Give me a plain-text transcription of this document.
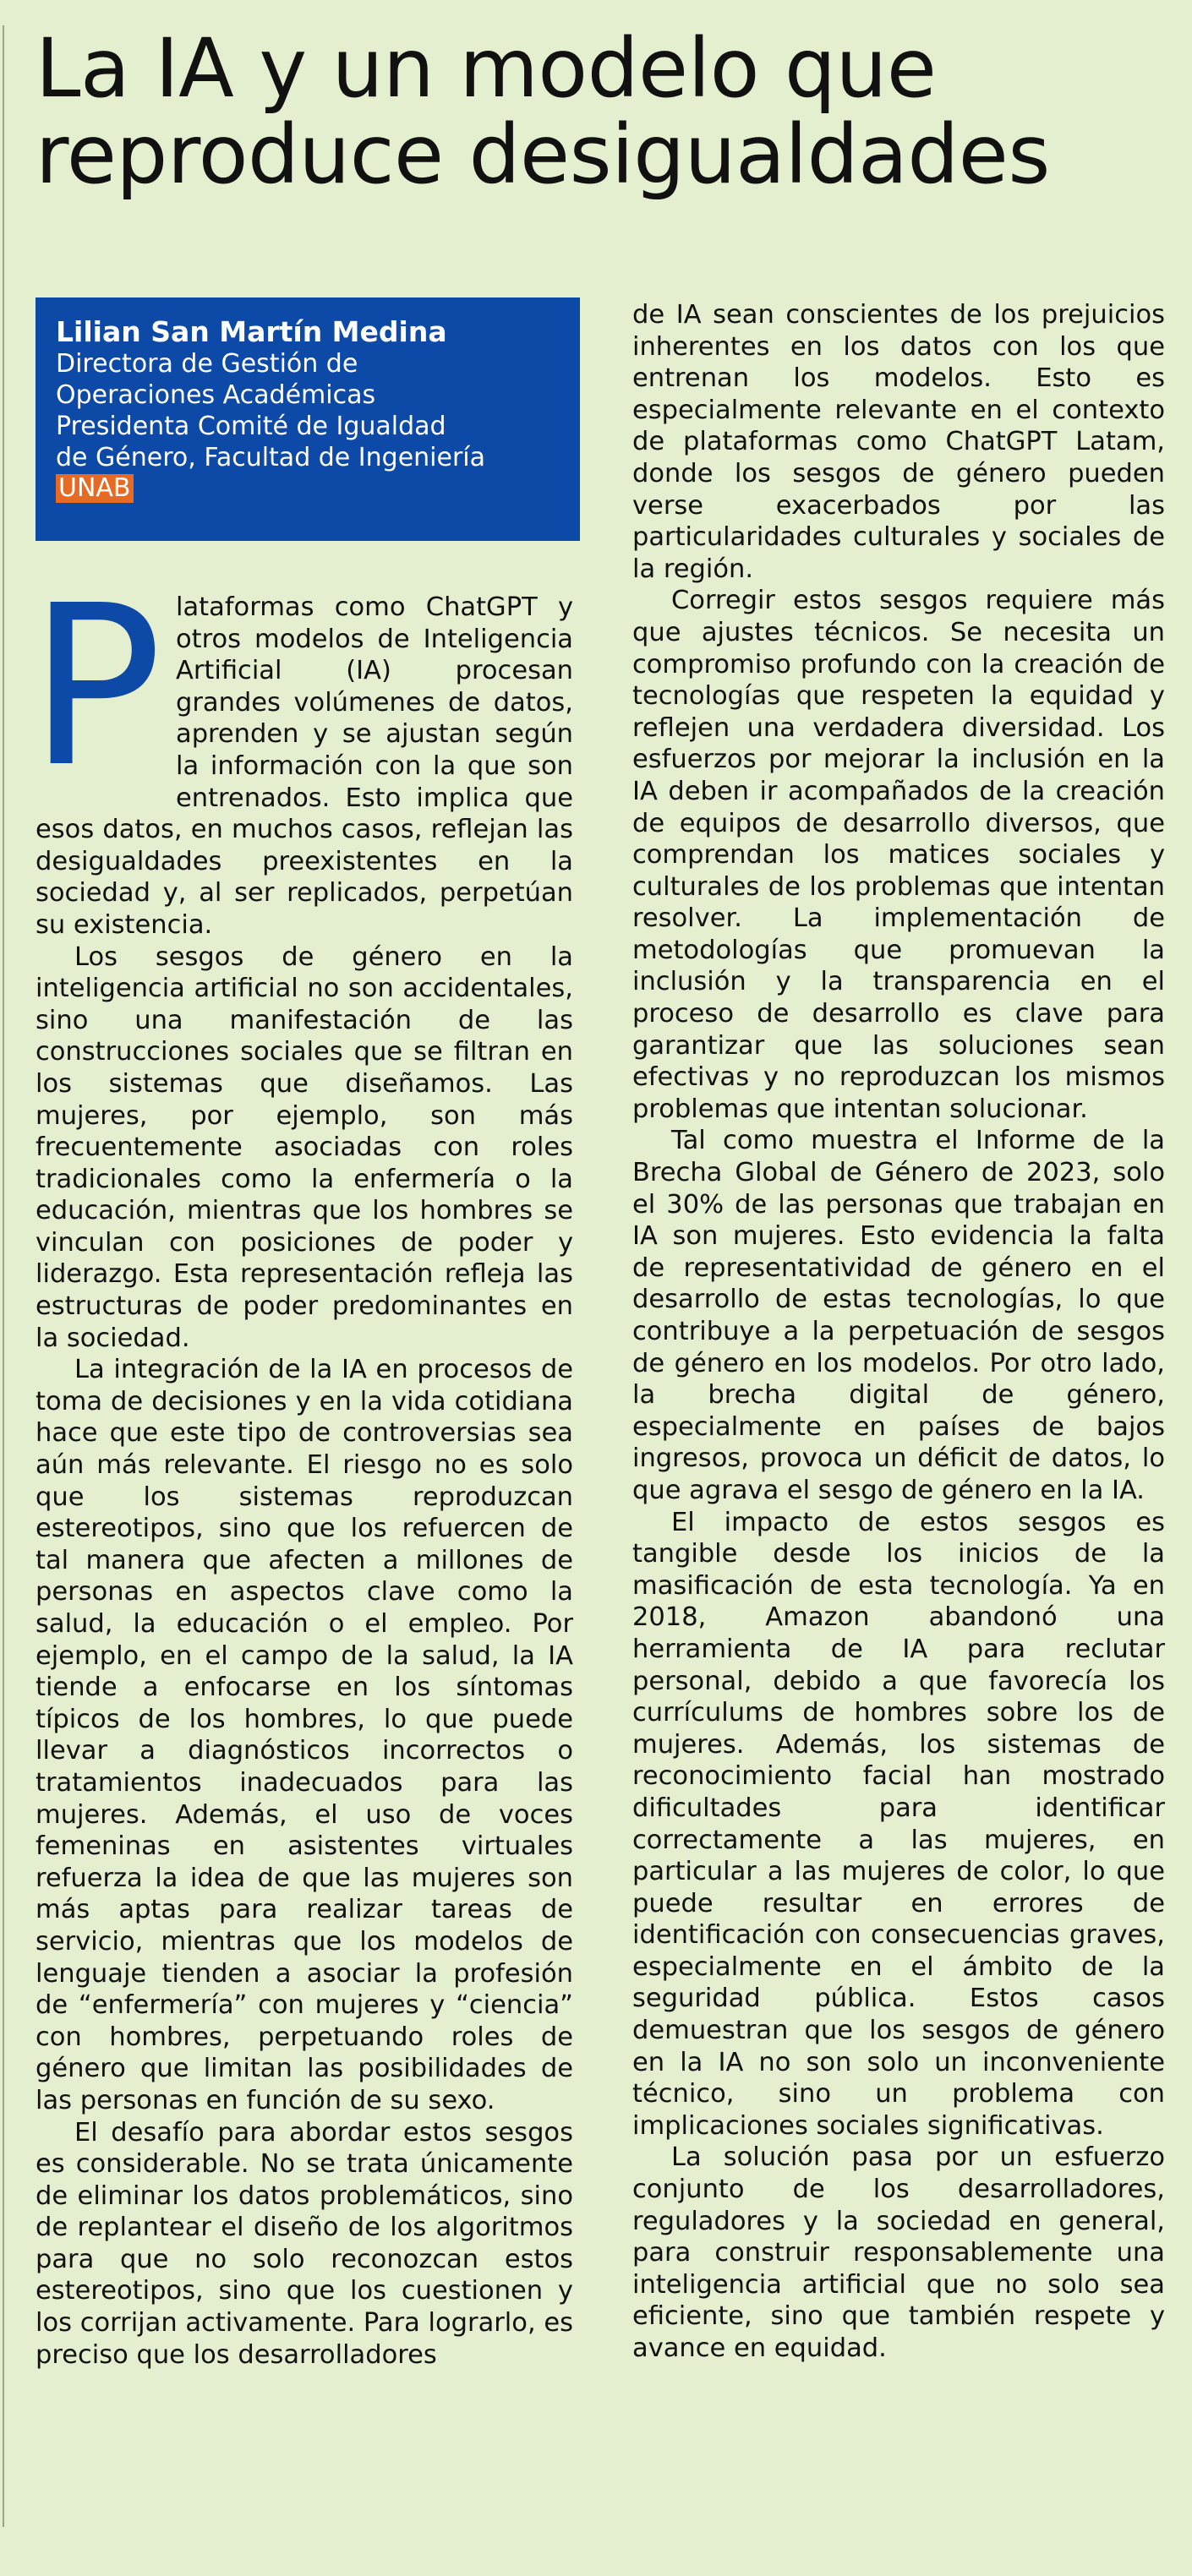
La IA y un modelo que
reproduce desigualdades

Lilian San Martín Medina

Directora de Gestión de
Operaciones Académicas
Presidenta Comité de Igualdad
de Género, Facultad de Ingeniería

UNAB
P lataformas como ChatGPT y otros modelos de Inteligencia Artificial (IA) procesan grandes volúmenes de datos, aprenden y se ajustan según la información con la que son entrenados. Esto implica que esos datos, en muchos casos, reflejan las desigualdades preexistentes en la sociedad y, al ser replicados, perpetúan su existencia.

Los sesgos de género en la inteligencia artificial no son accidentales, sino una manifestación de las construcciones sociales que se filtran en los sistemas que diseñamos. Las mujeres, por ejemplo, son más frecuentemente asociadas con roles tradicionales como la enfermería o la educación, mientras que los hombres se vinculan con posiciones de poder y liderazgo. Esta representación refleja las estructuras de poder predominantes en la sociedad.

La integración de la IA en procesos de toma de decisiones y en la vida cotidiana hace que este tipo de controversias sea aún más relevante. El riesgo no es solo que los sistemas reproduzcan estereotipos, sino que los refuercen de tal manera que afecten a millones de personas en aspectos clave como la salud, la educación o el empleo. Por ejemplo, en el campo de la salud, la IA tiende a enfocarse en los síntomas típicos de los hombres, lo que puede llevar a diagnósticos incorrectos o tratamientos inadecuados para las mujeres. Además, el uso de voces femeninas en asistentes virtuales refuerza la idea de que las mujeres son más aptas para realizar tareas de servicio, mientras que los modelos de lenguaje tienden a asociar la profesión de “enfermería” con mujeres y “ciencia” con hombres, perpetuando roles de género que limitan las posibilidades de las personas en función de su sexo.

El desafío para abordar estos sesgos es considerable. No se trata únicamente de eliminar los datos problemáticos, sino de replantear el diseño de los algoritmos para que no solo reconozcan estos estereotipos, sino que los cuestionen y los corrijan activamente. Para lograrlo, es preciso que los desarrolladores

de IA sean conscientes de los prejuicios inherentes en los datos con los que entrenan los modelos. Esto es especialmente relevante en el contexto de plataformas como ChatGPT Latam, donde los sesgos de género pueden verse exacerbados por las particularidades culturales y sociales de la región.

Corregir estos sesgos requiere más que ajustes técnicos. Se necesita un compromiso profundo con la creación de tecnologías que respeten la equidad y reflejen una verdadera diversidad. Los esfuerzos por mejorar la inclusión en la IA deben ir acompañados de la creación de equipos de desarrollo diversos, que comprendan los matices sociales y culturales de los problemas que intentan resolver. La implementación de metodologías que promuevan la inclusión y la transparencia en el proceso de desarrollo es clave para garantizar que las soluciones sean efectivas y no reproduzcan los mismos problemas que intentan solucionar.

Tal como muestra el Informe de la Brecha Global de Género de 2023, solo el 30% de las personas que trabajan en IA son mujeres. Esto evidencia la falta de representatividad de género en el desarrollo de estas tecnologías, lo que contribuye a la perpetuación de sesgos de género en los modelos. Por otro lado, la brecha digital de género, especialmente en países de bajos ingresos, provoca un déficit de datos, lo que agrava el sesgo de género en la IA.

El impacto de estos sesgos es tangible desde los inicios de la masificación de esta tecnología. Ya en 2018, Amazon abandonó una herramienta de IA para reclutar personal, debido a que favorecía los currículums de hombres sobre los de mujeres. Además, los sistemas de reconocimiento facial han mostrado dificultades para identificar correctamente a las mujeres, en particular a las mujeres de color, lo que puede resultar en errores de identificación con consecuencias graves, especialmente en el ámbito de la seguridad pública. Estos casos demuestran que los sesgos de género en la IA no son solo un inconveniente técnico, sino un problema con implicaciones sociales significativas.

La solución pasa por un esfuerzo conjunto de los desarrolladores, reguladores y la sociedad en general, para construir responsablemente una inteligencia artificial que no solo sea eficiente, sino que también respete y avance en equidad.
